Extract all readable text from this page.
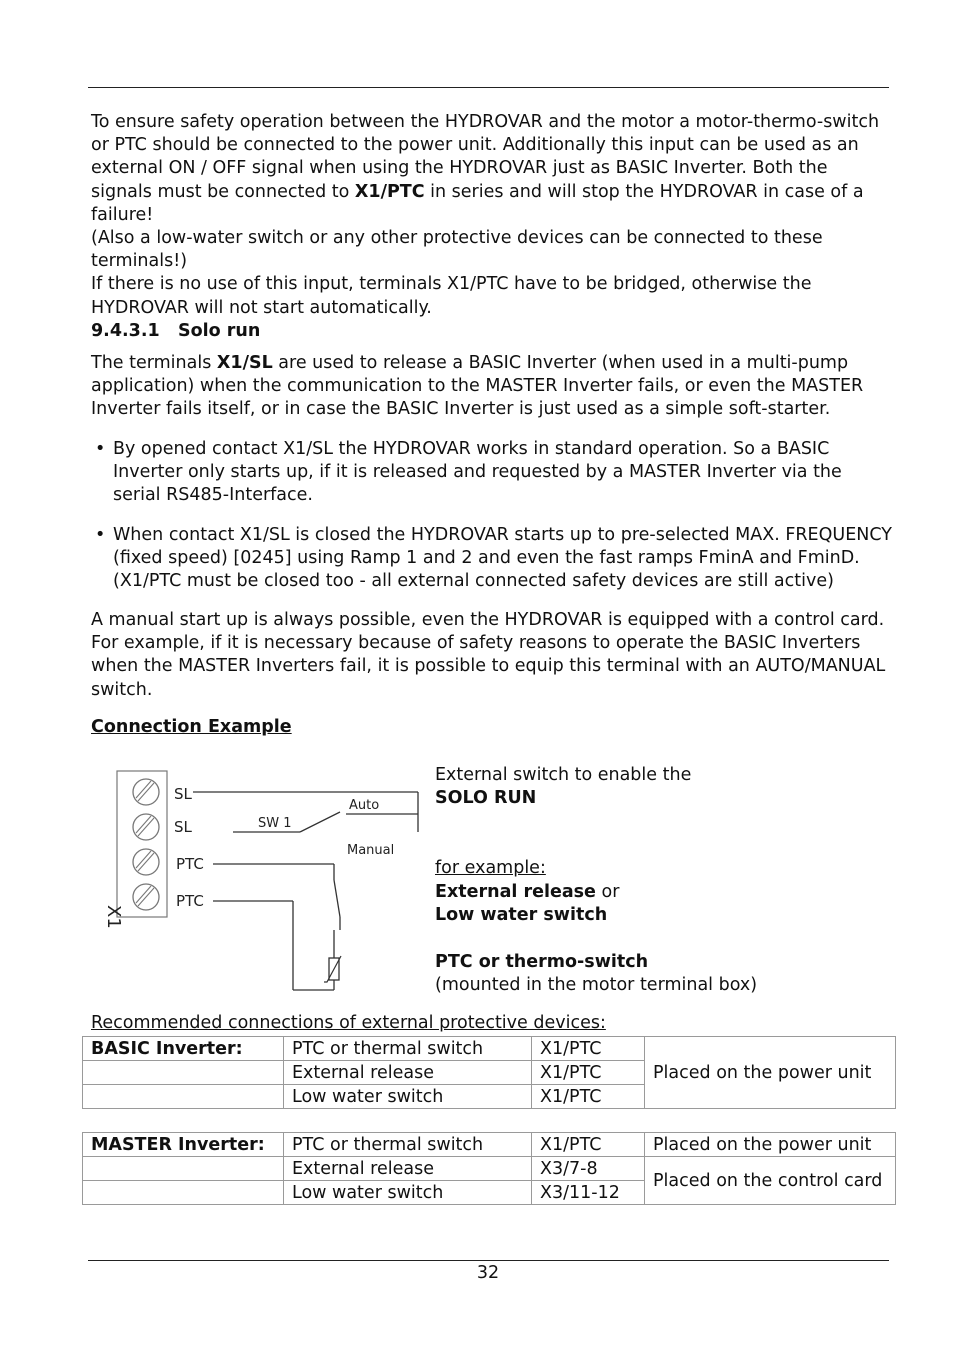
To ensure safety operation between the HYDROVAR and the motor a motor-thermo-switch or PTC should be connected to the power unit. Additionally this input can be used as an external ON / OFF signal when using the HYDROVAR just as BASIC Inverter. Both the signals must be connected to X1/PTC in series and will stop the HYDROVAR in case of a failure!
(Also a low-water switch or any other protective devices can be connected to these terminals!)
If there is no use of this input, terminals X1/PTC have to be bridged, otherwise the HYDROVAR will not start automatically.

9.4.3.1 Solo run

The terminals X1/SL are used to release a BASIC Inverter (when used in a multi-pump application) when the communication to the MASTER Inverter fails, or even the MASTER Inverter fails itself, or in case the BASIC Inverter is just used as a simple soft-starter.

• By opened contact X1/SL the HYDROVAR works in standard operation. So a BASIC Inverter only starts up, if it is released and requested by a MASTER Inverter via the serial RS485-Interface.

• When contact X1/SL is closed the HYDROVAR starts up to pre-selected MAX. FREQUENCY (fixed speed) [0245] using Ramp 1 and 2 and even the fast ramps FminA and FminD. (X1/PTC must be closed too - all external connected safety devices are still active)

A manual start up is always possible, even the HYDROVAR is equipped with a control card. For example, if it is necessary because of safety reasons to operate the BASIC Inverters when the MASTER Inverters fail, it is possible to equip this terminal with an AUTO/MANUAL switch.

Connection Example
X1
SL
SL
PTC
PTC
Auto
SW 1
Manual
External switch to enable the
SOLO RUN
for example:
External release or
Low water switch
PTC or thermo-switch
(mounted in the motor terminal box)
Recommended connections of external protective devices:
BASIC Inverter:	PTC or thermal switch	X1/PTC	Placed on the power unit
	External release	X1/PTC	
	Low water switch	X1/PTC	
MASTER Inverter:	PTC or thermal switch	X1/PTC	Placed on the power unit
	External release	X3/7-8	Placed on the control card
	Low water switch	X3/11-12	
32
